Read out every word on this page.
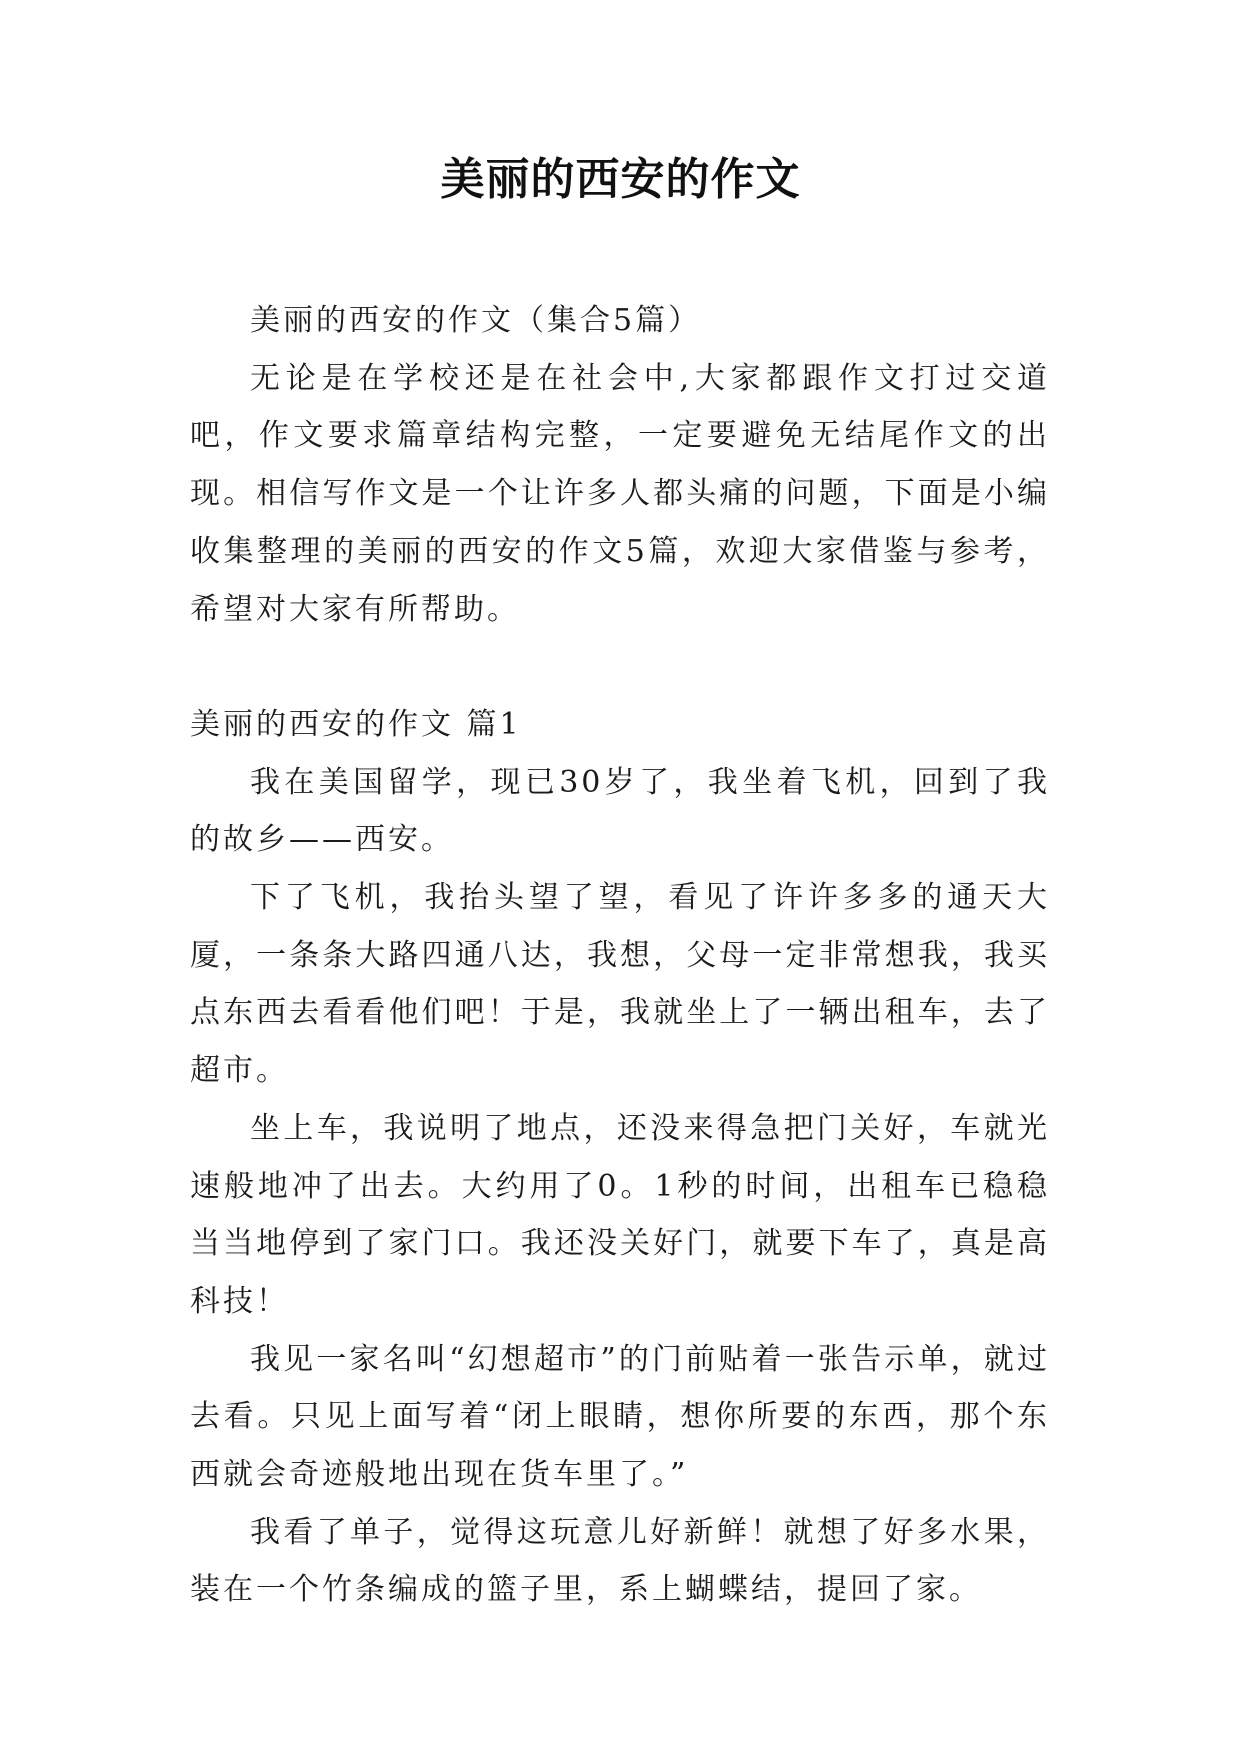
美丽的西安的作文

美丽的西安的作文（集合5篇）

无论是在学校还是在社会中,大家都跟作文打过交道吧，作文要求篇章结构完整，一定要避免无结尾作文的出现。相信写作文是一个让许多人都头痛的问题，下面是小编收集整理的美丽的西安的作文5篇，欢迎大家借鉴与参考，希望对大家有所帮助。

美丽的西安的作文 篇1

我在美国留学，现已30岁了，我坐着飞机，回到了我的故乡——西安。

下了飞机，我抬头望了望，看见了许许多多的通天大厦，一条条大路四通八达，我想，父母一定非常想我，我买点东西去看看他们吧！于是，我就坐上了一辆出租车，去了超市。

坐上车，我说明了地点，还没来得急把门关好，车就光速般地冲了出去。大约用了0。1秒的时间，出租车已稳稳当当地停到了家门口。我还没关好门，就要下车了，真是高科技！

我见一家名叫“幻想超市”的门前贴着一张告示单，就过去看。只见上面写着“闭上眼睛，想你所要的东西，那个东西就会奇迹般地出现在货车里了。”

我看了单子，觉得这玩意儿好新鲜！就想了好多水果，装在一个竹条编成的篮子里，系上蝴蝶结，提回了家。
